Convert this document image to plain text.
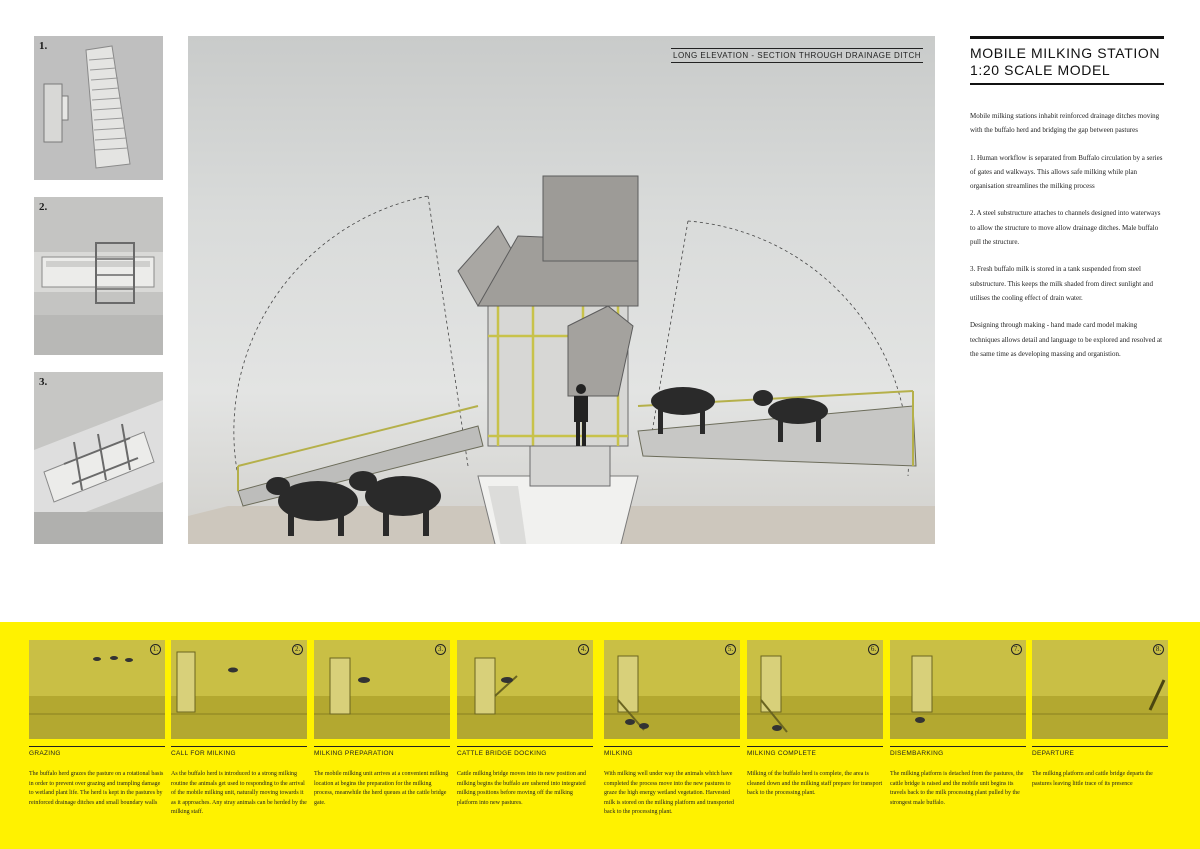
1.
2.
3.
LONG ELEVATION - SECTION THROUGH DRAINAGE DITCH	MOBILE MILKING STATION
1:20 SCALE MODEL

Mobile milking stations inhabit reinforced drainage ditches moving with the buffalo herd and bridging the gap between pastures

1. Human workflow is separated from Buffalo circulation by a series of gates and walkways. This allows safe milking while plan organisation streamlines the milking process

2. A steel substructure attaches to channels designed into waterways to allow the structure to move allow drainage ditches. Male buffalo pull the structure.

3. Fresh buffalo milk is stored in a tank suspended from steel substructure. This keeps the milk shaded from direct sunlight and utilises the cooling effect of drain water.

Designing through making - hand made card model making techniques allows detail and language to be explored and resolved at the same time as developing massing and organistion.

1.
GRAZING
The buffalo herd grazes the pasture on a rotational basis in order to prevent over grazing and trampling damage to wetland plant life. The herd is kept in the pastures by reinforced drainage ditches and small boundary walls
2.
CALL FOR MILKING
As the buffalo herd is introduced to a strong milking routine the animals get used to responding to the arrival of the mobile milking unit, naturally moving towards it as it approaches. Any stray animals can be herded by the milking staff.
3.
MILKING PREPARATION
The mobile milking unit arrives at a convenient milking location at begins the preparation for the milking process, meanwhile the herd queues at the cattle bridge gate.
4.
CATTLE BRIDGE DOCKING
Cattle milking bridge moves into its new position and milking begins the buffalo are ushered into integrated milking positions before moving off the milking platform into new pastures.
5.
MILKING
With milking well under way the animals which have completed the process move into the new pastures to graze the high energy wetland vegetation. Harvested milk is stored on the milking platform and transported back to the processing plant.
6.
MILKING COMPLETE
Milking of the buffalo herd is complete, the area is cleaned down and the milking staff prepare for transport back to the processing plant.
7.
DISEMBARKING
The milking platform is detached from the pastures, the cattle bridge is raised and the mobile unit begins its travels back to the milk processing plant pulled by the strongest male buffalo.
8.
DEPARTURE
The milking platform and cattle bridge departs the pastures leaving little trace of its presence
